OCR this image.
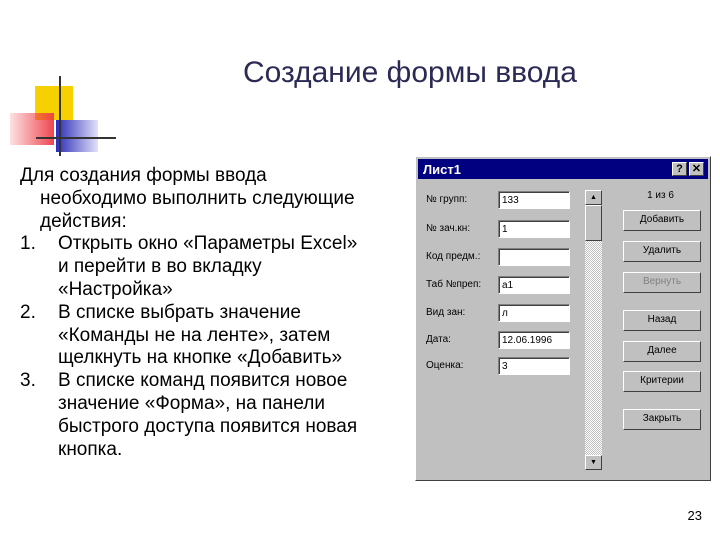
Создание формы ввода
Для создания формы ввода
необходимо выполнить следующие
действия:
1. Открыть окно «Параметры Excel»
и перейти в во вкладку
«Настройка»
2. В списке выбрать значение
«Команды не на ленте», затем
щелкнуть на кнопке «Добавить»
3. В списке команд появится новое
значение «Форма», на панели
быстрого доступа появится новая
кнопка.
Лист1	? ✕
№ групп:	133
№ зач.кн:	1
Код предм.:
Таб №преп:	а1
Вид зан:	л
Дата:	12.06.1996
Оценка:	3
▲
▼
1 из 6
Добавить
Удалить
Вернуть
Назад
Далее
Критерии
Закрыть
23
